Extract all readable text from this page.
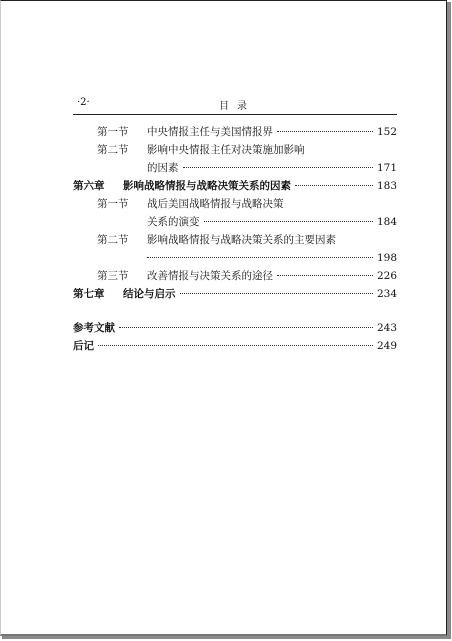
·2·	目录
第一节	中央情报主任与美国情报界	152
第二节	影响中央情报主任对决策施加影响
的因素	171
第六章	影响战略情报与战略决策关系的因素	183
第一节	战后美国战略情报与战略决策
关系的演变	184
第二节	影响战略情报与战略决策关系的主要因素
198
第三节	改善情报与决策关系的途径	226
第七章	结论与启示	234
参考文献	243
后记	249
